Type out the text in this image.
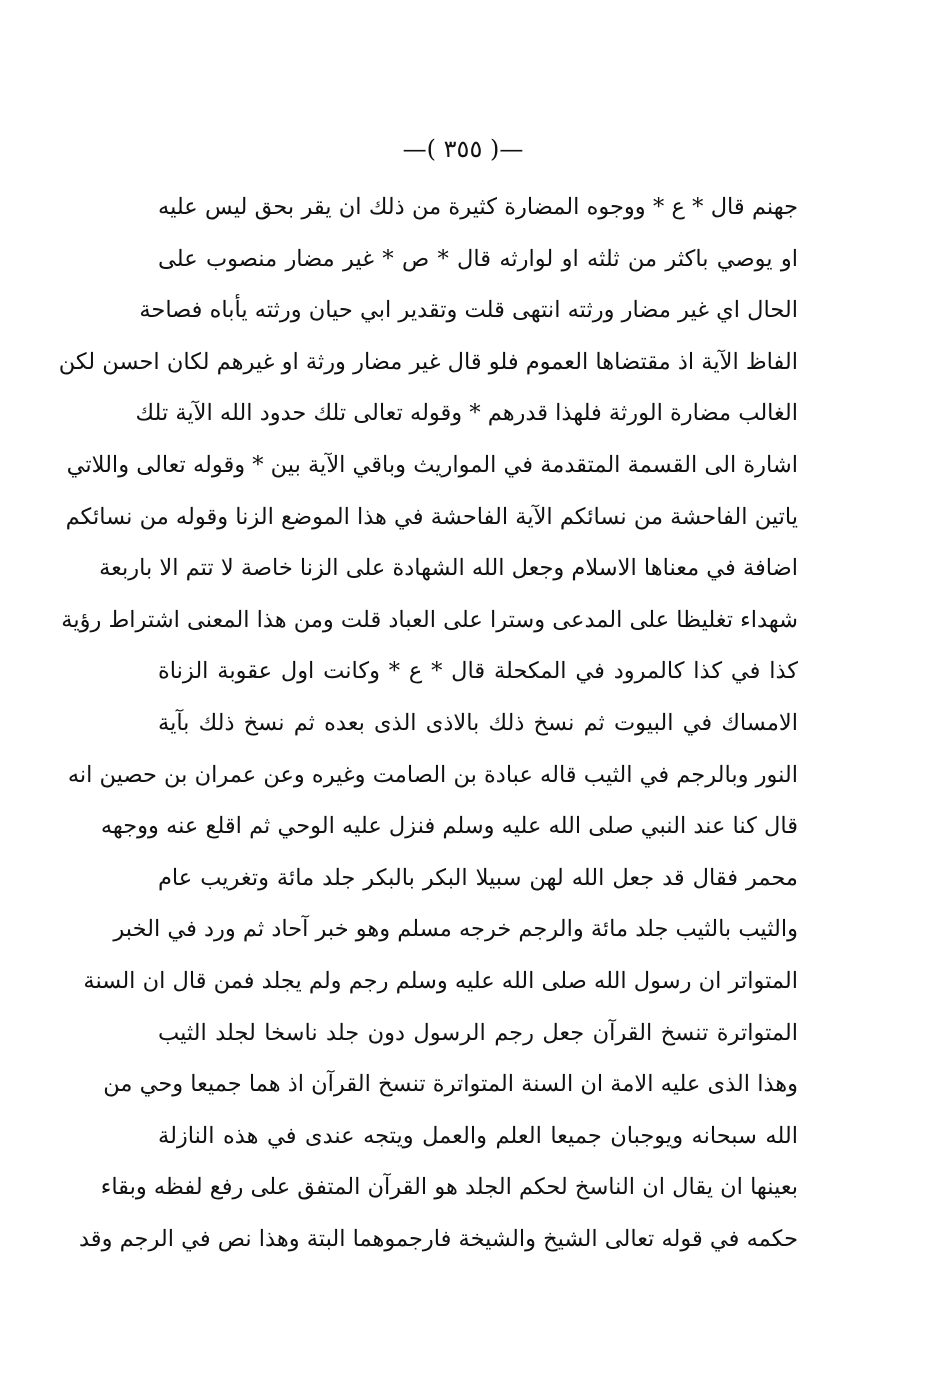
—( ٣٥٥ )—
جهنم قال * ع * ووجوه المضارة كثيرة من ذلك ان يقر بحق ليس عليه
او يوصي باكثر من ثلثه او لوارثه قال * ص * غير مضار منصوب على
الحال اي غير مضار ورثته انتهى قلت وتقدير ابي حيان ورثته يأباه فصاحة
الفاظ الآية اذ مقتضاها العموم فلو قال غير مضار ورثة او غيرهم لكان احسن لكن
الغالب مضارة الورثة فلهذا قدرهم * وقوله تعالى تلك حدود الله الآية تلك
اشارة الى القسمة المتقدمة في المواريث وباقي الآية بين * وقوله تعالى واللاتي
ياتين الفاحشة من نسائكم الآية الفاحشة في هذا الموضع الزنا وقوله من نسائكم
اضافة في معناها الاسلام وجعل الله الشهادة على الزنا خاصة لا تتم الا باربعة
شهداء تغليظا على المدعى وسترا على العباد قلت ومن هذا المعنى اشتراط رؤية
كذا في كذا كالمرود في المكحلة قال * ع * وكانت اول عقوبة الزناة
الامساك في البيوت ثم نسخ ذلك بالاذى الذى بعده ثم نسخ ذلك بآية
النور وبالرجم في الثيب قاله عبادة بن الصامت وغيره وعن عمران بن حصين انه
قال كنا عند النبي صلى الله عليه وسلم فنزل عليه الوحي ثم اقلع عنه ووجهه
محمر فقال قد جعل الله لهن سبيلا البكر بالبكر جلد مائة وتغريب عام
والثيب بالثيب جلد مائة والرجم خرجه مسلم وهو خبر آحاد ثم ورد في الخبر
المتواتر ان رسول الله صلى الله عليه وسلم رجم ولم يجلد فمن قال ان السنة
المتواترة تنسخ القرآن جعل رجم الرسول دون جلد ناسخا لجلد الثيب
وهذا الذى عليه الامة ان السنة المتواترة تنسخ القرآن اذ هما جميعا وحي من
الله سبحانه ويوجبان جميعا العلم والعمل ويتجه عندى في هذه النازلة
بعينها ان يقال ان الناسخ لحكم الجلد هو القرآن المتفق على رفع لفظه وبقاء
حكمه في قوله تعالى الشيخ والشيخة فارجموهما البتة وهذا نص في الرجم وقد
